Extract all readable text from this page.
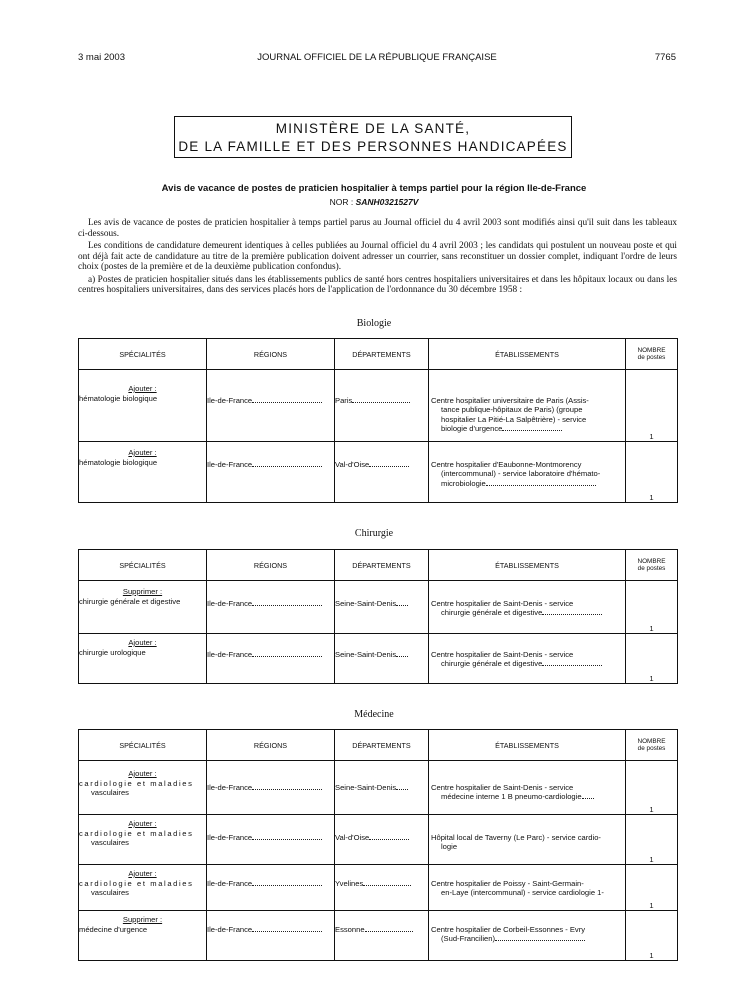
3 mai 2003	JOURNAL OFFICIEL DE LA RÉPUBLIQUE FRANÇAISE	7765
MINISTÈRE DE LA SANTÉ,
DE LA FAMILLE ET DES PERSONNES HANDICAPÉES
Avis de vacance de postes de praticien hospitalier à temps partiel pour la région Ile-de-France
NOR : SANH0321527V

Les avis de vacance de postes de praticien hospitalier à temps partiel parus au Journal officiel du 4 avril 2003 sont modifiés ainsi qu'il suit dans les tableaux ci-dessous.

Les conditions de candidature demeurent identiques à celles publiées au Journal officiel du 4 avril 2003 ; les candidats qui postulent un nouveau poste et qui ont déjà fait acte de candidature au titre de la première publication doivent adresser un courrier, sans reconstituer un dossier complet, indiquant l'ordre de leurs choix (postes de la première et de la deuxième publication confondus).

a) Postes de praticien hospitalier situés dans les établissements publics de santé hors centres hospitaliers universitaires et dans les hôpitaux locaux ou dans les centres hospitaliers universitaires, dans des services placés hors de l'application de l'ordonnance du 30 décembre 1958 :

Biologie
SPÉCIALITÉS	RÉGIONS	DÉPARTEMENTS	ÉTABLISSEMENTS	NOMBRE
de postes

Ajouter :
hématologie biologique	Ile-de-France	Paris	Centre hospitalier universitaire de Paris (Assis-
tance publique-hôpitaux de Paris) (groupe
hospitalier La Pitié-La Salpêtrière) - service
biologie d'urgence	1

Ajouter :
hématologie biologique	Ile-de-France	Val-d'Oise	Centre hospitalier d'Eaubonne-Montmorency
(intercommunal) - service laboratoire d'hémato-
microbiologie	1
Chirurgie
SPÉCIALITÉS	RÉGIONS	DÉPARTEMENTS	ÉTABLISSEMENTS	NOMBRE
de postes

Supprimer :
chirurgie générale et digestive	Ile-de-France	Seine-Saint-Denis	Centre hospitalier de Saint-Denis - service
chirurgie générale et digestive	1

Ajouter :
chirurgie urologique	Ile-de-France	Seine-Saint-Denis	Centre hospitalier de Saint-Denis - service
chirurgie générale et digestive	1
Médecine
SPÉCIALITÉS	RÉGIONS	DÉPARTEMENTS	ÉTABLISSEMENTS	NOMBRE
de postes

Ajouter :
cardiologie et maladies
vasculaires	Ile-de-France	Seine-Saint-Denis	Centre hospitalier de Saint-Denis - service
médecine interne 1 B pneumo-cardiologie	1

Ajouter :
cardiologie et maladies
vasculaires	Ile-de-France	Val-d'Oise	Hôpital local de Taverny (Le Parc) - service cardio-
logie	1

Ajouter :
cardiologie et maladies
vasculaires	Ile-de-France	Yvelines	Centre hospitalier de Poissy - Saint-Germain-
en-Laye (intercommunal) - service cardiologie 1-	1

Supprimer :
médecine d'urgence	Ile-de-France	Essonne	Centre hospitalier de Corbeil-Essonnes - Evry
(Sud-Francilien)	1
